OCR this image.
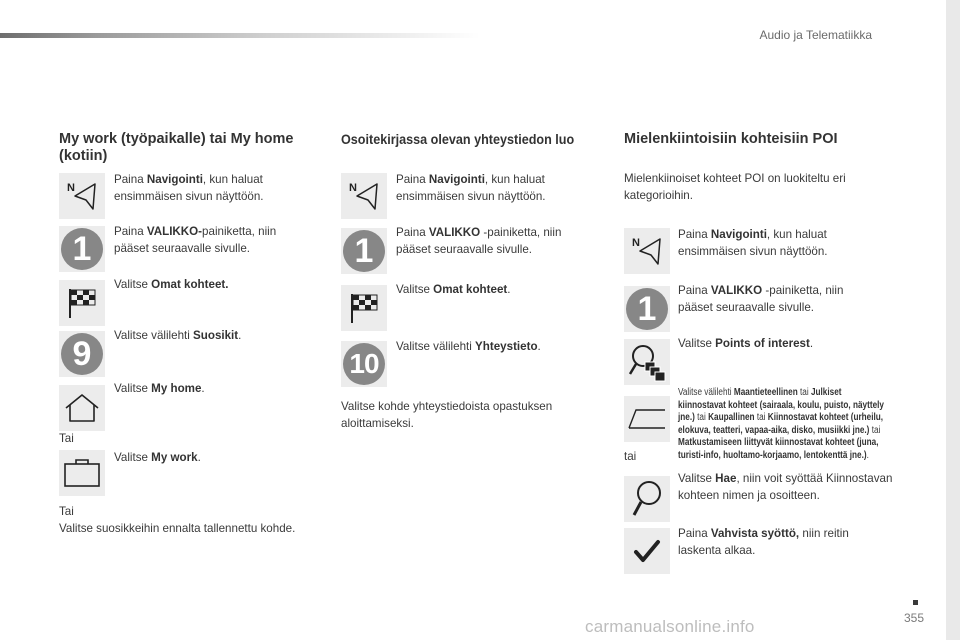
Audio ja Telematiikka
My work (työpaikalle) tai My home (kotiin)
N
Paina Navigointi, kun haluat ensimmäisen sivun näyttöön.
1	Paina VALIKKO-painiketta, niin pääset seuraavalle sivulle.
Valitse Omat kohteet.
9	Valitse välilehti Suosikit.
Valitse My home.
Tai
Valitse My work.
Tai
Valitse suosikkeihin ennalta tallennettu kohde.
Osoitekirjassa olevan yhteystiedon luo
N
Paina Navigointi, kun haluat ensimmäisen sivun näyttöön.
1	Paina VALIKKO -painiketta, niin pääset seuraavalle sivulle.
Valitse Omat kohteet.
10
Valitse välilehti Yhteystieto.
Valitse kohde yhteystiedoista opastuksen aloittamiseksi.
Mielenkiintoisiin kohteisiin POI
Mielenkiinoiset kohteet POI on luokiteltu eri kategorioihin.
N
Paina Navigointi, kun haluat ensimmäisen sivun näyttöön.
1	Paina VALIKKO -painiketta, niin pääset seuraavalle sivulle.
Valitse Points of interest.
Valitse välilehti Maantieteellinen tai Julkiset kiinnostavat kohteet (sairaala, koulu, puisto, näyttely jne.) tai Kaupallinen tai Kiinnostavat kohteet (urheilu, elokuva, teatteri, vapaa-aika, disko, musiikki jne.) tai Matkustamiseen liittyvät kiinnostavat kohteet (juna, turisti-info, huoltamo-korjaamo, lentokenttä jne.).
tai
Valitse Hae, niin voit syöttää Kiinnostavan kohteen nimen ja osoitteen.
Paina Vahvista syöttö, niin reitin laskenta alkaa.
355
carmanualsonline.info
